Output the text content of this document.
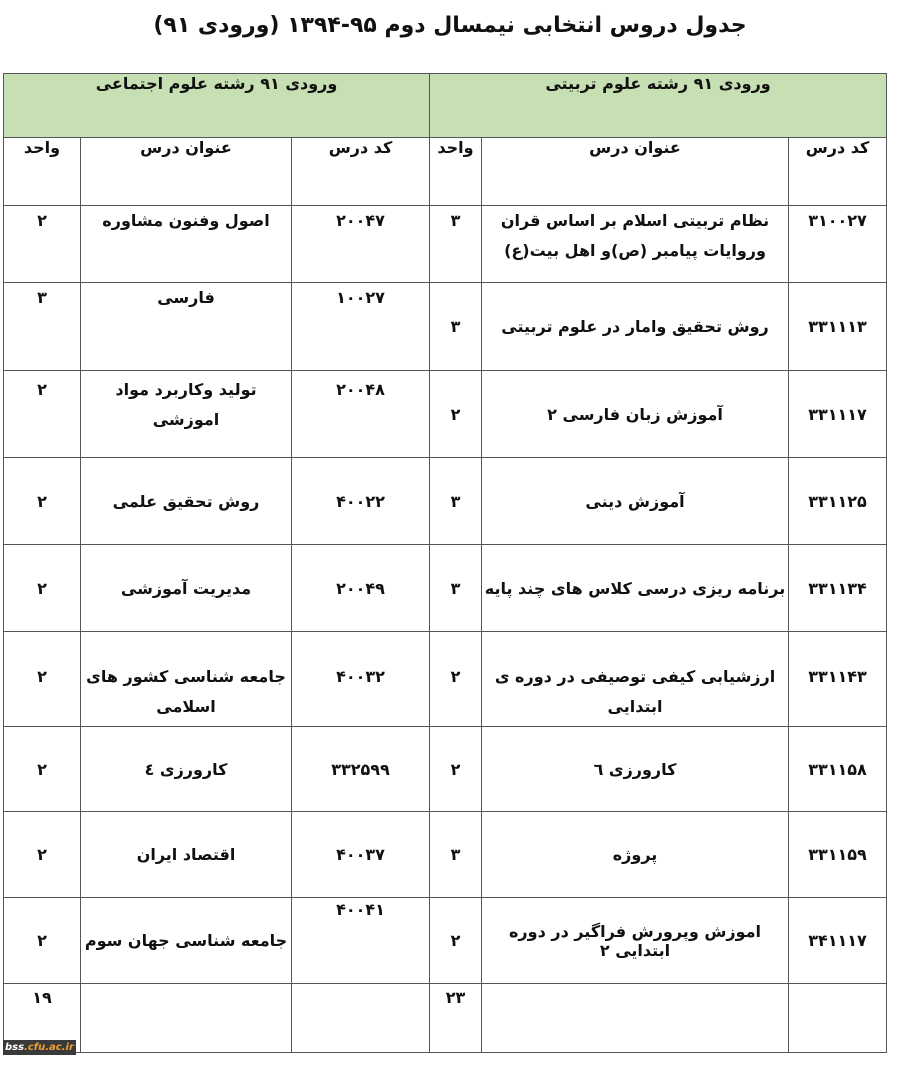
جدول دروس انتخابی نیمسال دوم ۹۵-۱۳۹۴ (ورودی ۹۱)
ورودی ۹۱ رشته علوم تربیتی			ورودی ۹۱ رشته علوم اجتماعی		
کد درس	عنوان درس	واحد	کد درس	عنوان درس	واحد
۳۱۰۰۲۷	نظام تربیتی اسلام بر اساس قران وروایات پیامبر (ص)و اهل بیت(ع)	۳	۲۰۰۴۷	اصول وفنون مشاوره	۲
۳۳۱۱۱۳	روش تحقیق وامار در علوم تربیتی	۳	۱۰۰۲۷	فارسی	۳
۳۳۱۱۱۷	آموزش زبان فارسی ۲	۲	۲۰۰۴۸	تولید وکاربرد مواد اموزشی	۲
۳۳۱۱۲۵	آموزش دینی	۳	۴۰۰۲۲	روش تحقیق علمی	۲
۳۳۱۱۳۴	برنامه ریزی درسی کلاس های چند پایه	۳	۲۰۰۴۹	مدیریت آموزشی	۲
۳۳۱۱۴۳	ارزشیابی کیفی توصیفی در دوره ی ابتدایی	۲	۴۰۰۳۲	جامعه شناسی کشور های اسلامی	۲
۳۳۱۱۵۸	کارورزی ٦	۲	۳۳۲۵۹۹	کارورزی ٤	۲
۳۳۱۱۵۹	پروژه	۳	۴۰۰۳۷	اقتصاد ایران	۲
۳۴۱۱۱۷	اموزش وپرورش فراگیر در دوره ابتدایی ۲	۲	۴۰۰۴۱	جامعه شناسی جهان سوم	۲
		۲۳			۱۹
bss.cfu.ac.ir
